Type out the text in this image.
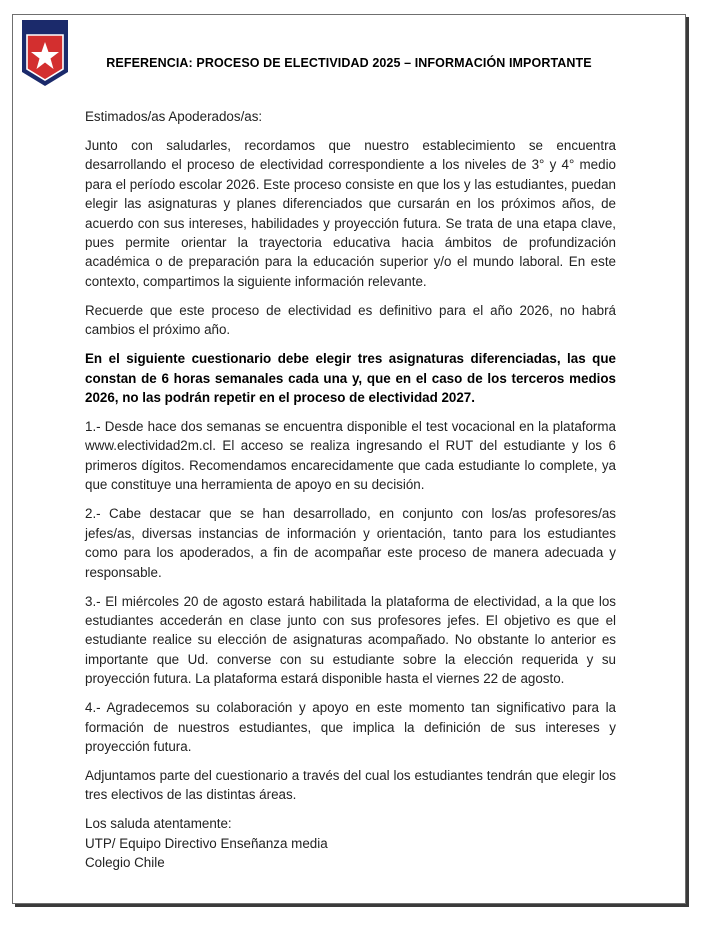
REFERENCIA: PROCESO DE ELECTIVIDAD 2025 – INFORMACIÓN IMPORTANTE

Estimados/as Apoderados/as:

Junto con saludarles, recordamos que nuestro establecimiento se encuentra desarrollando el proceso de electividad correspondiente a los niveles de 3° y 4° medio para el período escolar 2026. Este proceso consiste en que los y las estudiantes, puedan elegir las asignaturas y planes diferenciados que cursarán en los próximos años, de acuerdo con sus intereses, habilidades y proyección futura. Se trata de una etapa clave, pues permite orientar la trayectoria educativa hacia ámbitos de profundización académica o de preparación para la educación superior y/o el mundo laboral. En este contexto, compartimos la siguiente información relevante.

Recuerde que este proceso de electividad es definitivo para el año 2026, no habrá cambios el próximo año.

En el siguiente cuestionario debe elegir tres asignaturas diferenciadas, las que constan de 6 horas semanales cada una y, que en el caso de los terceros medios 2026, no las podrán repetir en el proceso de electividad 2027.

1.- Desde hace dos semanas se encuentra disponible el test vocacional en la plataforma www.electividad2m.cl. El acceso se realiza ingresando el RUT del estudiante y los 6 primeros dígitos. Recomendamos encarecidamente que cada estudiante lo complete, ya que constituye una herramienta de apoyo en su decisión.

2.- Cabe destacar que se han desarrollado, en conjunto con los/as profesores/as jefes/as, diversas instancias de información y orientación, tanto para los estudiantes como para los apoderados, a fin de acompañar este proceso de manera adecuada y responsable.

3.- El miércoles 20 de agosto estará habilitada la plataforma de electividad, a la que los estudiantes accederán en clase junto con sus profesores jefes. El objetivo es que el estudiante realice su elección de asignaturas acompañado. No obstante lo anterior es importante que Ud. converse con su estudiante sobre la elección requerida y su proyección futura. La plataforma estará disponible hasta el viernes 22 de agosto.

4.- Agradecemos su colaboración y apoyo en este momento tan significativo para la formación de nuestros estudiantes, que implica la definición de sus intereses y proyección futura.

Adjuntamos parte del cuestionario a través del cual los estudiantes tendrán que elegir los tres electivos de las distintas áreas.

Los saluda atentamente:

UTP/ Equipo Directivo Enseñanza media

Colegio Chile
